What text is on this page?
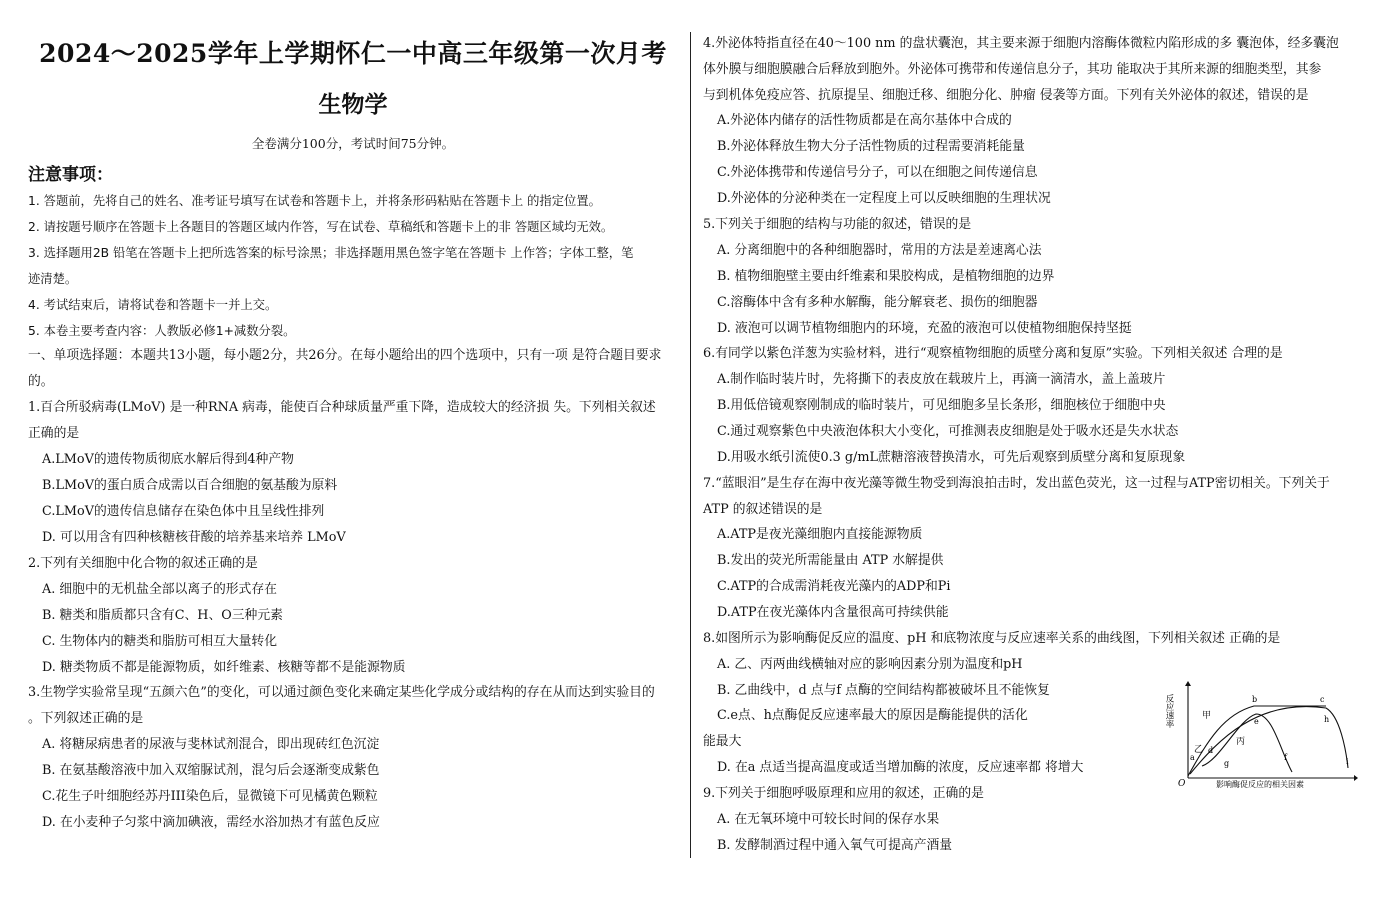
2024～2025学年上学期怀仁一中高三年级第一次月考
生物学
全卷满分100分，考试时间75分钟。
注意事项：
1. 答题前，先将自己的姓名、准考证号填写在试卷和答题卡上，并将条形码粘贴在答题卡上 的指定位置。
2. 请按题号顺序在答题卡上各题目的答题区域内作答，写在试卷、草稿纸和答题卡上的非 答题区域均无效。
3. 选择题用2B 铅笔在答题卡上把所选答案的标号涂黑；非选择题用黑色签字笔在答题卡 上作答；字体工整，笔
迹清楚。
4. 考试结束后，请将试卷和答题卡一并上交。
5. 本卷主要考查内容：人教版必修1+减数分裂。
一、单项选择题：本题共13小题，每小题2分，共26分。在每小题给出的四个选项中，只有一项 是符合题目要求
的。
1.百合所驳病毒(LMoV) 是一种RNA 病毒，能使百合种球质量严重下降，造成较大的经济损 失。下列相关叙述
正确的是
A.LMoV的遗传物质彻底水解后得到4种产物
B.LMoV的蛋白质合成需以百合细胞的氨基酸为原料
C.LMoV的遗传信息储存在染色体中且呈线性排列
D. 可以用含有四种核糖核苷酸的培养基来培养 LMoV
2.下列有关细胞中化合物的叙述正确的是
A. 细胞中的无机盐全部以离子的形式存在
B. 糖类和脂质都只含有C、H、O三种元素
C. 生物体内的糖类和脂肪可相互大量转化
D. 糖类物质不都是能源物质，如纤维素、核糖等都不是能源物质
3.生物学实验常呈现“五颜六色”的变化，可以通过颜色变化来确定某些化学成分或结构的存在从而达到实验目的
。下列叙述正确的是
A. 将糖尿病患者的尿液与斐林试剂混合，即出现砖红色沉淀
B. 在氨基酸溶液中加入双缩脲试剂，混匀后会逐渐变成紫色
C.花生子叶细胞经苏丹III染色后，显微镜下可见橘黄色颗粒
D. 在小麦种子匀浆中滴加碘液，需经水浴加热才有蓝色反应
4.外泌体特指直径在40～100 nm 的盘状囊泡，其主要来源于细胞内溶酶体微粒内陷形成的多 囊泡体，经多囊泡
体外膜与细胞膜融合后释放到胞外。外泌体可携带和传递信息分子，其功 能取决于其所来源的细胞类型，其参
与到机体免疫应答、抗原提呈、细胞迁移、细胞分化、肿瘤 侵袭等方面。下列有关外泌体的叙述，错误的是
A.外泌体内储存的活性物质都是在高尔基体中合成的
B.外泌体释放生物大分子活性物质的过程需要消耗能量
C.外泌体携带和传递信号分子，可以在细胞之间传递信息
D.外泌体的分泌种类在一定程度上可以反映细胞的生理状况
5.下列关于细胞的结构与功能的叙述，错误的是
A. 分离细胞中的各种细胞器时，常用的方法是差速离心法
B. 植物细胞壁主要由纤维素和果胶构成，是植物细胞的边界
C.溶酶体中含有多种水解酶，能分解衰老、损伤的细胞器
D. 液泡可以调节植物细胞内的环境，充盈的液泡可以使植物细胞保持坚挺
6.有同学以紫色洋葱为实验材料，进行“观察植物细胞的质壁分离和复原”实验。下列相关叙述 合理的是
A.制作临时装片时，先将撕下的表皮放在载玻片上，再滴一滴清水，盖上盖玻片
B.用低倍镜观察刚制成的临时装片，可见细胞多呈长条形，细胞核位于细胞中央
C.通过观察紫色中央液泡体积大小变化，可推测表皮细胞是处于吸水还是失水状态
D.用吸水纸引流使0.3 g/mL蔗糖溶液替换清水，可先后观察到质壁分离和复原现象
7.“蓝眼泪”是生存在海中夜光藻等微生物受到海浪拍击时，发出蓝色荧光，这一过程与ATP密切相关。下列关于
ATP 的叙述错误的是
A.ATP是夜光藻细胞内直接能源物质
B.发出的荧光所需能量由 ATP 水解提供
C.ATP的合成需消耗夜光藻内的ADP和Pi
D.ATP在夜光藻体内含量很高可持续供能
8.如图所示为影响酶促反应的温度、pH 和底物浓度与反应速率关系的曲线图，下列相关叙述 正确的是
A. 乙、丙两曲线横轴对应的影响因素分别为温度和pH
B. 乙曲线中，d 点与f 点酶的空间结构都被破坏且不能恢复
C.e点、h点酶促反应速率最大的原因是酶能提供的活化
能最大
D. 在a 点适当提高温度或适当增加酶的浓度，反应速率都 将增大
9.下列关于细胞呼吸原理和应用的叙述，正确的是
A. 在无氧环境中可较长时间的保存水果
B. 发酵制酒过程中通入氧气可提高产酒量
反应速率
影响酶促反应的相关因素
O
甲
乙
丙
a
b	c
d
e
f
g
h
i
